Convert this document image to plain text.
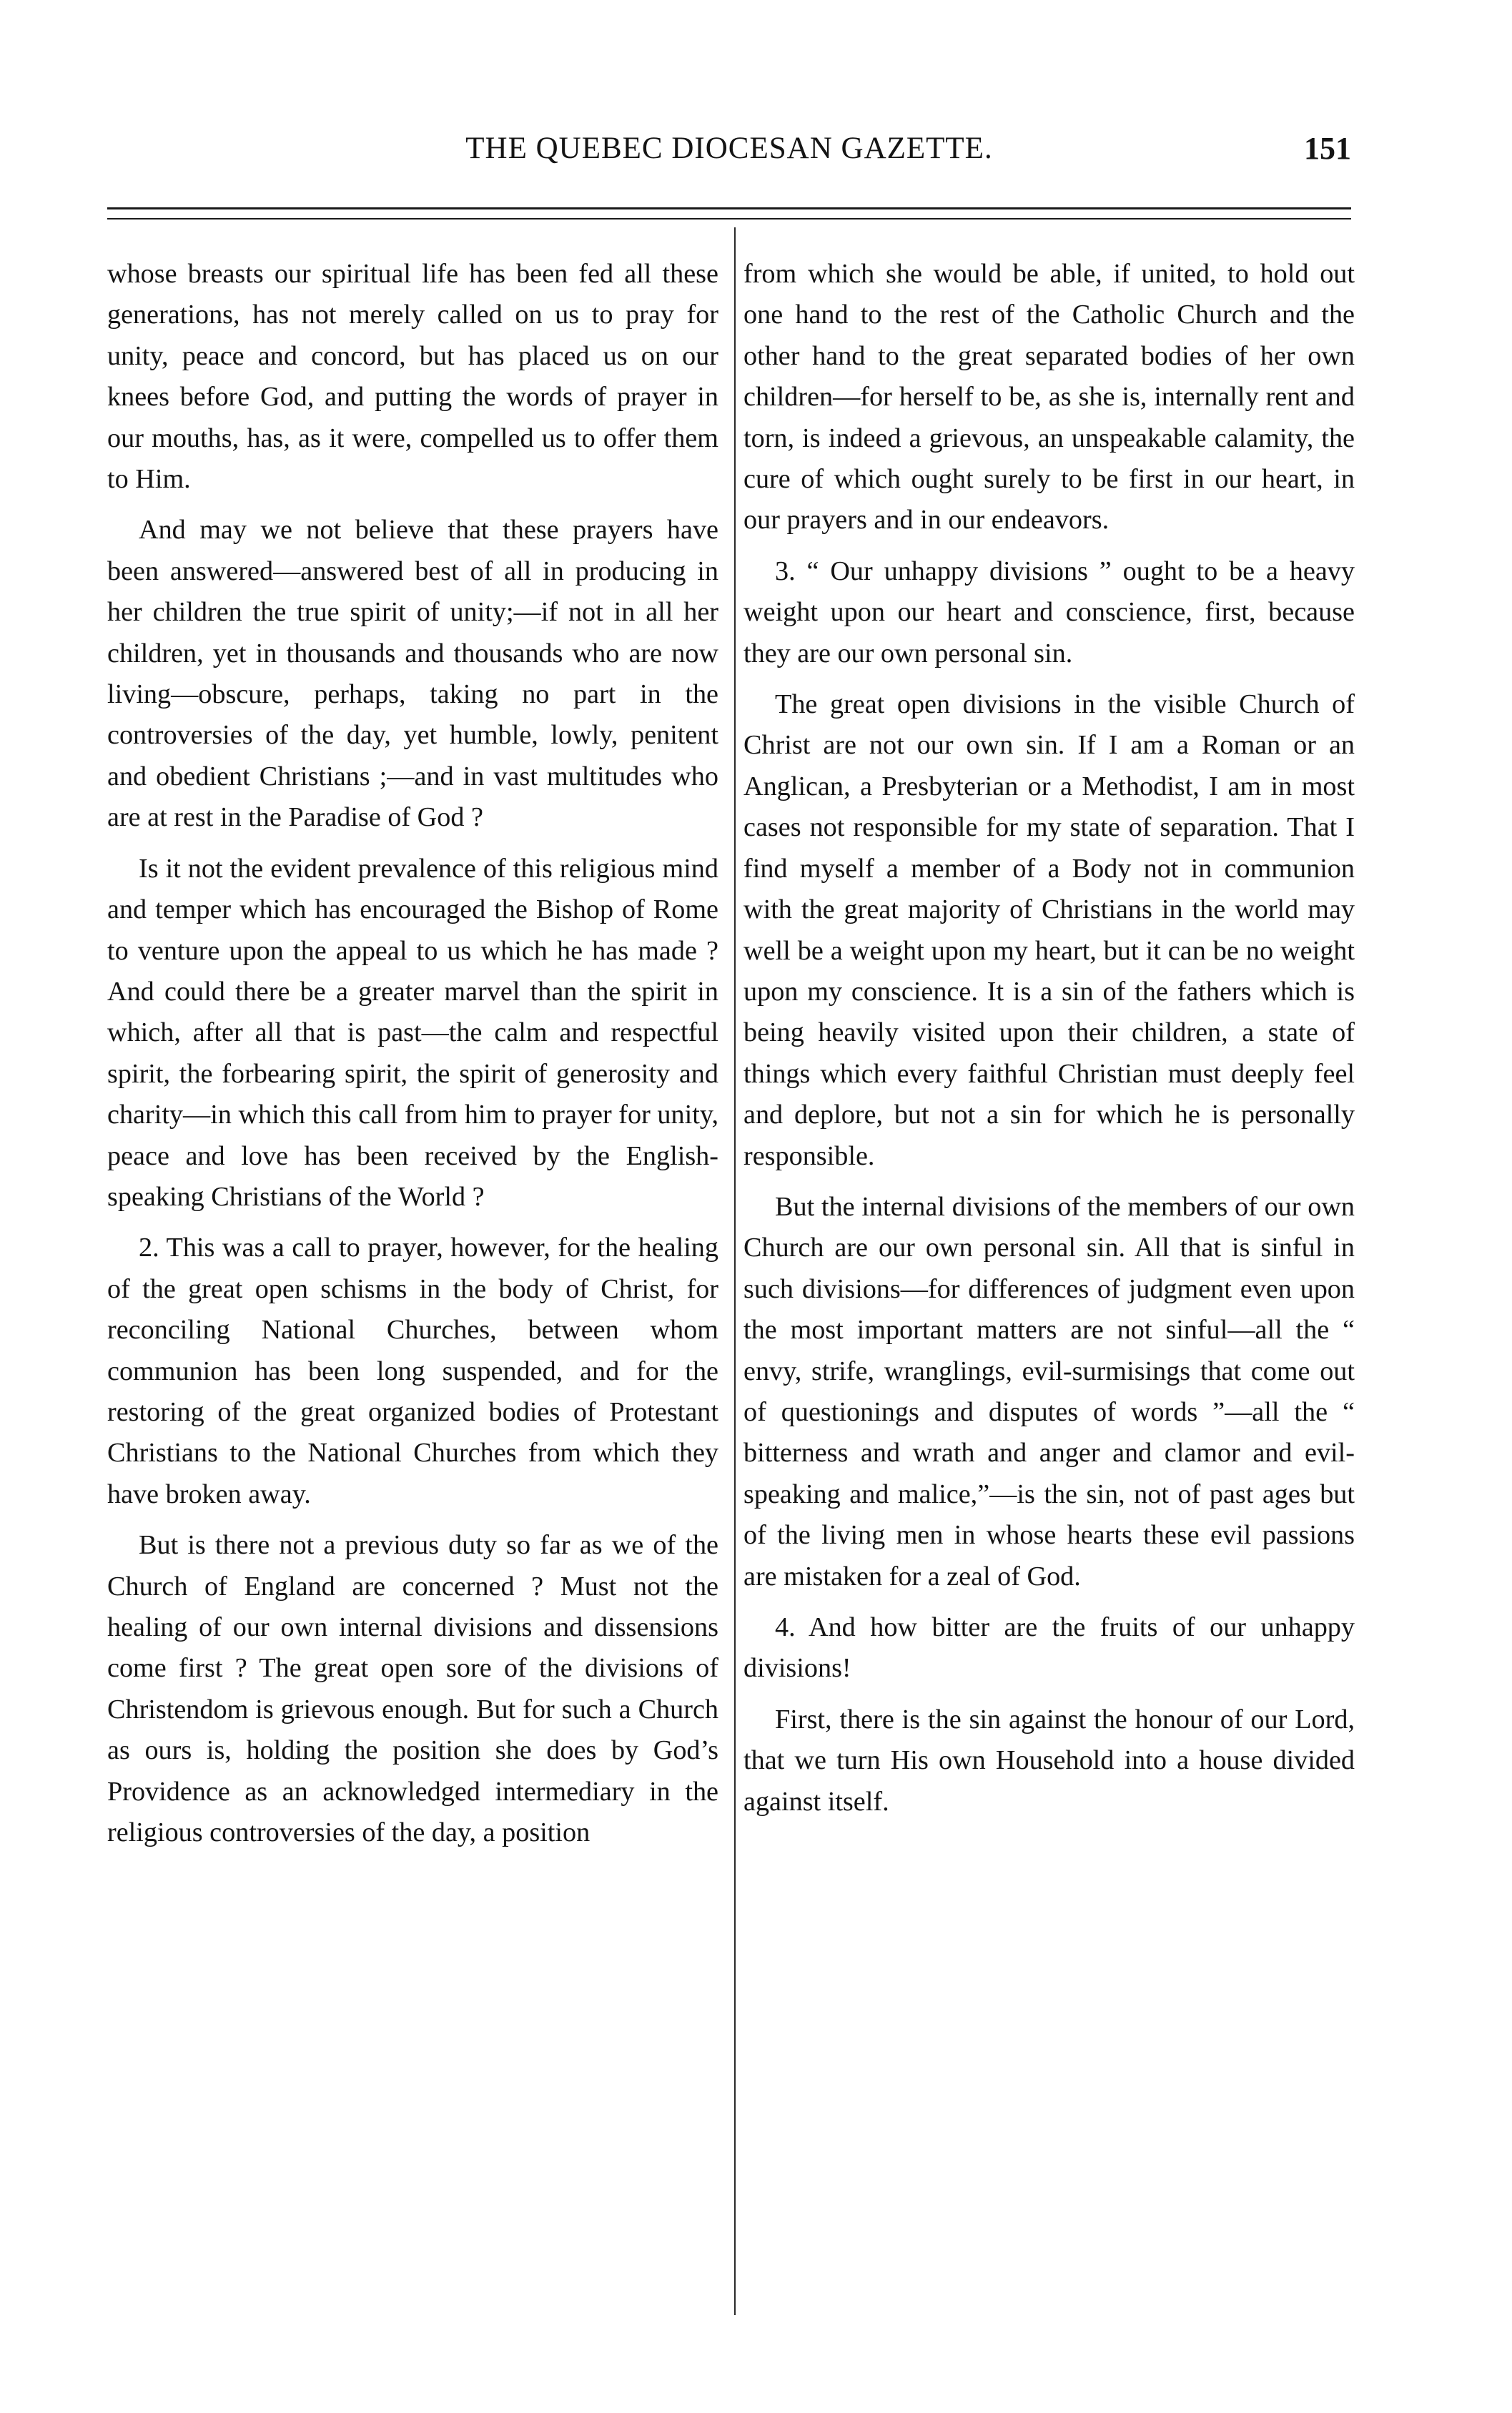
THE QUEBEC DIOCESAN GAZETTE.	151

whose breasts our spiritual life has been fed all these generations, has not merely called on us to pray for unity, peace and concord, but has placed us on our knees before God, and putting the words of prayer in our mouths, has, as it were, compelled us to offer them to Him.

And may we not believe that these prayers have been answered—answered best of all in producing in her children the true spirit of unity;—if not in all her children, yet in thousands and thousands who are now living—obscure, perhaps, taking no part in the controversies of the day, yet humble, lowly, penitent and obedient Christians ;—and in vast multitudes who are at rest in the Paradise of God ?

Is it not the evident prevalence of this religious mind and temper which has encouraged the Bishop of Rome to venture upon the appeal to us which he has made ? And could there be a greater marvel than the spirit in which, after all that is past—the calm and respectful spirit, the forbearing spirit, the spirit of generosity and charity—in which this call from him to prayer for unity, peace and love has been received by the English-speaking Christians of the World ?

2. This was a call to prayer, however, for the healing of the great open schisms in the body of Christ, for reconciling National Churches, between whom communion has been long suspended, and for the restoring of the great organized bodies of Protestant Christians to the National Churches from which they have broken away.

But is there not a previous duty so far as we of the Church of England are concerned ? Must not the healing of our own internal divisions and dissensions come first ? The great open sore of the divisions of Christendom is grievous enough. But for such a Church as ours is, holding the position she does by God’s Providence as an acknowledged intermediary in the religious controversies of the day, a position

from which she would be able, if united, to hold out one hand to the rest of the Catholic Church and the other hand to the great separated bodies of her own children—for herself to be, as she is, internally rent and torn, is indeed a grievous, an unspeakable calamity, the cure of which ought surely to be first in our heart, in our prayers and in our endeavors.

3. “ Our unhappy divisions ” ought to be a heavy weight upon our heart and conscience, first, because they are our own personal sin.

The great open divisions in the visible Church of Christ are not our own sin. If I am a Roman or an Anglican, a Presbyterian or a Methodist, I am in most cases not responsible for my state of separation. That I find myself a member of a Body not in communion with the great majority of Christians in the world may well be a weight upon my heart, but it can be no weight upon my conscience. It is a sin of the fathers which is being heavily visited upon their children, a state of things which every faithful Christian must deeply feel and deplore, but not a sin for which he is personally responsible.

But the internal divisions of the members of our own Church are our own personal sin. All that is sinful in such divisions—for differences of judgment even upon the most important matters are not sinful—all the “ envy, strife, wranglings, evil-surmisings that come out of questionings and disputes of words ”—all the “ bitterness and wrath and anger and clamor and evil-speaking and malice,”—is the sin, not of past ages but of the living men in whose hearts these evil passions are mistaken for a zeal of God.

4. And how bitter are the fruits of our unhappy divisions!

First, there is the sin against the honour of our Lord, that we turn His own Household into a house divided against itself.
